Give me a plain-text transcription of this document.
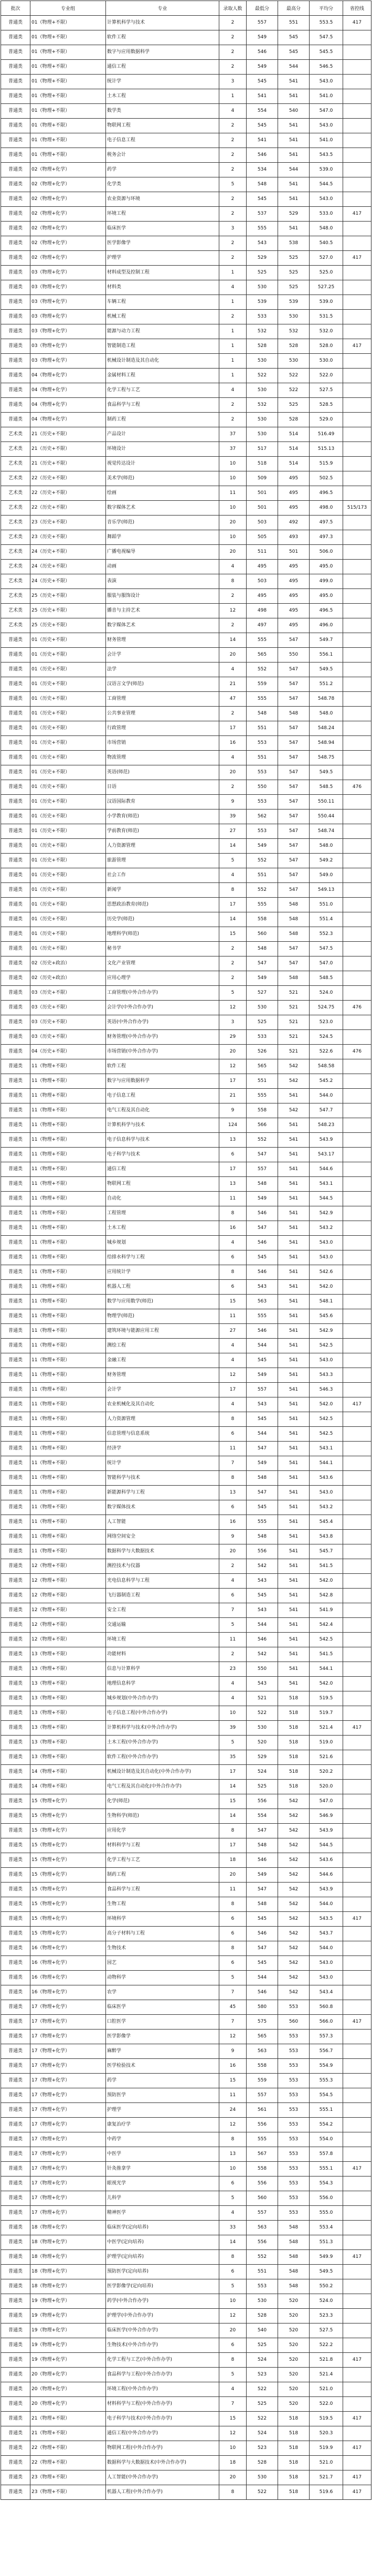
批次	专业组	专业	录取人数	最低分	最高分	平均分	省控线
普通类	01（物理+不限）	计算机科学与技术	2	557	551	553.5	417
普通类	01（物理+不限）	软件工程	2	549	545	547.5	
普通类	01（物理+不限）	数字与应用数据科学	2	546	545	545.5	
普通类	01（物理+不限）	通信工程	2	549	544	546.5	
普通类	01（物理+不限）	统计学	3	545	541	543.0	
普通类	01（物理+不限）	土木工程	1	541	541	541.0	
普通类	01（物理+不限）	数学类	4	554	540	547.0	
普通类	01（物理+不限）	物联网工程	2	545	541	543.0	
普通类	01（物理+不限）	电子信息工程	2	541	541	541.0	
普通类	01（物理+不限）	税务会计	2	546	541	543.5	
普通类	02（物理+化学）	药学	2	534	544	539.0	
普通类	02（物理+化学）	化学类	5	548	541	544.5	
普通类	02（物理+化学）	农业资源与环境	2	545	541	543.0	
普通类	02（物理+化学）	环境工程	2	537	529	533.0	417
普通类	02（物理+化学）	临床医学	3	555	541	548.0	
普通类	02（物理+化学）	医学影像学	2	543	538	540.5	
普通类	02（物理+化学）	护理学	2	529	525	527.0	417
普通类	03（物理+化学）	材料成型及控制工程	1	525	525	525.0	
普通类	03（物理+化学）	材料类	4	530	525	527.25	
普通类	03（物理+化学）	车辆工程	1	539	539	539.0	
普通类	03（物理+化学）	机械工程	2	533	530	531.5	
普通类	03（物理+化学）	能源与动力工程	1	532	532	532.0	
普通类	03（物理+化学）	智能制造工程	1	528	528	528.0	417
普通类	03（物理+化学）	机械设计制造及其自动化	1	530	530	530.0	
普通类	04（物理+化学）	金属材料工程	1	522	522	522.0	
普通类	04（物理+化学）	化学工程与工艺	4	530	522	527.5	
普通类	04（物理+化学）	食品科学与工程	2	532	525	528.5	
普通类	04（物理+化学）	制药工程	2	530	528	529.0	
艺术类	21（历史+不限）	产品设计	37	530	514	516.49	
艺术类	21（历史+不限）	环境设计	37	517	514	515.13	
艺术类	21（历史+不限）	视觉传达设计	10	518	514	515.9	
艺术类	22（历史+不限）	美术学(师范)	10	509	495	502.5	
艺术类	22（历史+不限）	绘画	11	501	495	496.5	
艺术类	22（历史+不限）	数字媒体艺术	10	501	495	498.0	515/173
艺术类	23（历史+不限）	音乐学(师范)	20	503	492	497.5	
艺术类	23（历史+不限）	舞蹈学	10	505	493	497.3	
艺术类	24（历史+不限）	广播电视编导	20	511	501	506.0	
艺术类	24（历史+不限）	动画	4	495	495	495.0	
艺术类	24（历史+不限）	表演	8	503	495	499.0	
艺术类	25（历史+不限）	服装与服饰设计	2	495	495	495.0	
艺术类	25（历史+不限）	播音与主持艺术	12	498	495	496.5	
艺术类	25（历史+不限）	数字媒体艺术	2	497	495	496.0	
普通类	01（历史+不限）	财务管理	14	555	547	549.7	
普通类	01（历史+不限）	会计学	20	565	550	556.1	
普通类	01（历史+不限）	法学	4	552	547	549.5	
普通类	01（历史+不限）	汉语言文学(师范)	21	559	547	551.2	
普通类	01（历史+不限）	工商管理	47	555	547	548.78	
普通类	01（历史+不限）	公共事业管理	2	548	548	548.0	
普通类	01（历史+不限）	行政管理	17	551	547	548.24	
普通类	01（历史+不限）	市场营销	16	553	547	548.94	
普通类	01（历史+不限）	物流管理	4	551	547	548.75	
普通类	01（历史+不限）	英语(师范)	20	553	547	549.5	
普通类	01（历史+不限）	日语	2	550	547	548.5	476
普通类	01（历史+不限）	汉语国际教育	9	553	547	550.11	
普通类	01（历史+不限）	小学教育(师范)	39	562	547	550.44	
普通类	01（历史+不限）	学前教育(师范)	27	553	547	548.74	
普通类	01（历史+不限）	人力资源管理	14	549	547	548.0	
普通类	01（历史+不限）	旅游管理	5	552	547	549.2	
普通类	01（历史+不限）	社会工作	4	551	547	549.0	
普通类	01（历史+不限）	新闻学	8	552	547	549.13	
普通类	01（历史+不限）	思想政治教育(师范)	17	555	548	551.0	
普通类	01（历史+不限）	历史学(师范)	14	558	548	551.4	
普通类	01（历史+不限）	地理科学(师范)	15	560	548	552.3	
普通类	01（历史+不限）	秘书学	2	548	547	547.5	
普通类	02（历史+政治）	文化产业管理	2	547	547	547.0	
普通类	02（历史+政治）	应用心理学	2	549	548	548.5	
普通类	03（历史+不限）	工商管理(中外合作办学)	5	527	521	524.0	
普通类	03（历史+不限）	会计学(中外合作办学)	12	530	521	524.75	476
普通类	03（历史+不限）	英语(中外合作办学)	3	525	521	523.0	
普通类	03（历史+不限）	财务管理(中外合作办学)	29	533	521	524.5	
普通类	04（历史+不限）	市场营销(中外合作办学)	20	526	521	522.6	476
普通类	11（物理+不限）	软件工程	12	565	542	548.58	
普通类	11（物理+不限）	数字与应用数据科学	17	551	542	545.2	
普通类	11（物理+不限）	电子信息工程	21	555	541	544.0	
普通类	11（物理+不限）	电气工程及其自动化	9	558	542	547.7	
普通类	11（物理+不限）	计算机科学与技术	124	566	541	548.23	
普通类	11（物理+不限）	电子信息科学与技术	13	552	541	543.9	
普通类	11（物理+不限）	电子科学与技术	6	547	541	543.17	
普通类	11（物理+不限）	通信工程	17	557	541	544.6	
普通类	11（物理+不限）	物联网工程	13	548	541	543.1	
普通类	11（物理+不限）	自动化	11	549	541	544.5	
普通类	11（物理+不限）	工程管理	8	546	541	542.9	
普通类	11（物理+不限）	土木工程	16	547	541	543.2	
普通类	11（物理+不限）	城乡规划	4	546	541	543.0	
普通类	11（物理+不限）	给排水科学与工程	6	545	541	543.0	
普通类	11（物理+不限）	应用统计学	8	546	541	542.6	
普通类	11（物理+不限）	机器人工程	6	543	541	542.0	
普通类	11（物理+不限）	数学与应用数学(师范)	15	563	541	548.1	
普通类	11（物理+不限）	物理学(师范)	11	555	541	545.6	
普通类	11（物理+不限）	建筑环境与能源应用工程	27	546	541	542.9	
普通类	11（物理+不限）	测绘工程	4	544	541	542.5	
普通类	11（物理+不限）	金融工程	4	545	541	543.0	
普通类	11（物理+不限）	财务管理	12	549	541	543.3	
普通类	11（物理+不限）	会计学	17	557	541	546.3	
普通类	11（物理+不限）	农业机械化及其自动化	4	543	541	542.0	417
普通类	11（物理+不限）	人力资源管理	8	545	541	542.5	
普通类	11（物理+不限）	信息管理与信息系统	6	544	541	542.5	
普通类	11（物理+不限）	经济学	11	547	541	543.1	
普通类	11（物理+不限）	统计学	7	549	541	544.1	
普通类	11（物理+不限）	智能科学与技术	8	548	541	543.6	
普通类	11（物理+不限）	新能源科学与工程	13	547	541	543.0	
普通类	11（物理+不限）	数字媒体技术	6	545	541	543.2	
普通类	11（物理+不限）	人工智能	16	555	541	545.4	
普通类	11（物理+不限）	网络空间安全	9	548	541	543.8	
普通类	11（物理+不限）	数据科学与大数据技术	20	556	541	545.7	
普通类	12（物理+不限）	测控技术与仪器	2	542	541	541.5	
普通类	12（物理+不限）	光电信息科学与工程	4	543	541	542.0	
普通类	12（物理+不限）	飞行器制造工程	6	545	541	542.8	
普通类	12（物理+不限）	安全工程	7	543	541	541.9	
普通类	12（物理+不限）	交通运输	5	544	541	542.4	
普通类	12（物理+不限）	环境工程	11	546	541	542.5	
普通类	13（物理+不限）	功能材料	2	542	541	541.5	
普通类	13（物理+不限）	信息与计算科学	23	550	541	544.1	
普通类	13（物理+不限）	地理信息科学	4	543	541	542.0	
普通类	13（物理+不限）	城乡规划(中外合作办学)	4	521	518	519.5	
普通类	13（物理+不限）	电子信息工程(中外合作办学)	10	522	518	519.7	
普通类	13（物理+不限）	计算机科学与技术(中外合作办学)	39	530	518	521.4	417
普通类	13（物理+不限）	土木工程(中外合作办学)	5	520	518	519.0	
普通类	13（物理+不限）	软件工程(中外合作办学)	35	529	518	521.6	
普通类	14（物理+不限）	机械设计制造及其自动化(中外合作办学)	17	524	518	520.2	
普通类	14（物理+不限）	电气工程及其自动化(中外合作办学)	14	525	518	520.0	
普通类	15（物理+化学）	化学(师范)	15	556	542	547.0	
普通类	15（物理+化学）	生物科学(师范)	14	554	542	546.9	
普通类	15（物理+化学）	应用化学	8	547	542	543.9	
普通类	15（物理+化学）	材料科学与工程	17	548	542	544.5	
普通类	15（物理+化学）	化学工程与工艺	18	546	542	543.6	
普通类	15（物理+化学）	制药工程	20	549	542	544.6	
普通类	15（物理+化学）	食品科学与工程	11	547	542	543.9	
普通类	15（物理+化学）	生物工程	8	548	542	544.0	
普通类	15（物理+化学）	环境科学	6	545	542	543.5	417
普通类	15（物理+化学）	高分子材料与工程	6	546	542	543.7	
普通类	16（物理+化学）	生物技术	8	547	542	544.0	
普通类	16（物理+化学）	园艺	6	545	542	543.0	
普通类	16（物理+化学）	动物科学	5	544	542	543.0	
普通类	16（物理+化学）	农学	7	546	542	543.4	
普通类	17（物理+化学）	临床医学	45	580	553	560.8	
普通类	17（物理+化学）	口腔医学	7	575	560	566.0	417
普通类	17（物理+化学）	医学影像学	12	565	553	557.3	
普通类	17（物理+化学）	麻醉学	9	563	553	556.7	
普通类	17（物理+化学）	医学检验技术	16	558	553	554.9	
普通类	17（物理+化学）	药学	15	559	553	555.3	
普通类	17（物理+化学）	预防医学	11	557	553	554.5	
普通类	17（物理+化学）	护理学	24	561	553	555.1	
普通类	17（物理+化学）	康复治疗学	12	556	553	554.2	
普通类	17（物理+化学）	中药学	8	555	553	554.0	
普通类	17（物理+化学）	中医学	13	567	553	557.8	
普通类	17（物理+化学）	针灸推拿学	10	558	553	555.1	417
普通类	17（物理+化学）	眼视光学	6	556	553	554.3	
普通类	17（物理+化学）	儿科学	5	560	553	556.0	
普通类	17（物理+化学）	精神医学	4	557	553	555.0	
普通类	18（物理+化学）	临床医学(定向培养)	33	563	548	553.4	
普通类	18（物理+化学）	中医学(定向培养)	14	556	548	551.3	
普通类	18（物理+化学）	护理学(定向培养)	8	552	548	549.9	417
普通类	18（物理+化学）	预防医学(定向培养)	6	551	548	549.5	
普通类	18（物理+化学）	医学影像学(定向培养)	5	553	548	550.2	
普通类	19（物理+化学）	药学(中外合作办学)	10	530	520	524.0	
普通类	19（物理+化学）	护理学(中外合作办学)	12	528	520	523.3	
普通类	19（物理+化学）	临床医学(中外合作办学)	20	540	520	527.5	
普通类	19（物理+化学）	生物技术(中外合作办学)	6	525	520	522.2	
普通类	19（物理+化学）	化学工程与工艺(中外合作办学)	8	524	520	521.8	417
普通类	20（物理+化学）	食品科学与工程(中外合作办学)	5	523	520	521.4	
普通类	20（物理+化学）	环境工程(中外合作办学)	4	522	520	521.0	
普通类	20（物理+化学）	材料科学与工程(中外合作办学)	7	525	520	522.0	
普通类	21（物理+不限）	电子科学与技术(中外合作办学)	15	522	518	519.5	417
普通类	21（物理+不限）	通信工程(中外合作办学)	12	524	518	520.3	
普通类	22（物理+不限）	物联网工程(中外合作办学)	10	523	518	519.9	417
普通类	22（物理+不限）	数据科学与大数据技术(中外合作办学)	18	528	518	521.0	
普通类	23（物理+不限）	人工智能(中外合作办学)	20	530	518	521.7	417
普通类	23（物理+不限）	机器人工程(中外合作办学)	8	522	518	519.6	417
